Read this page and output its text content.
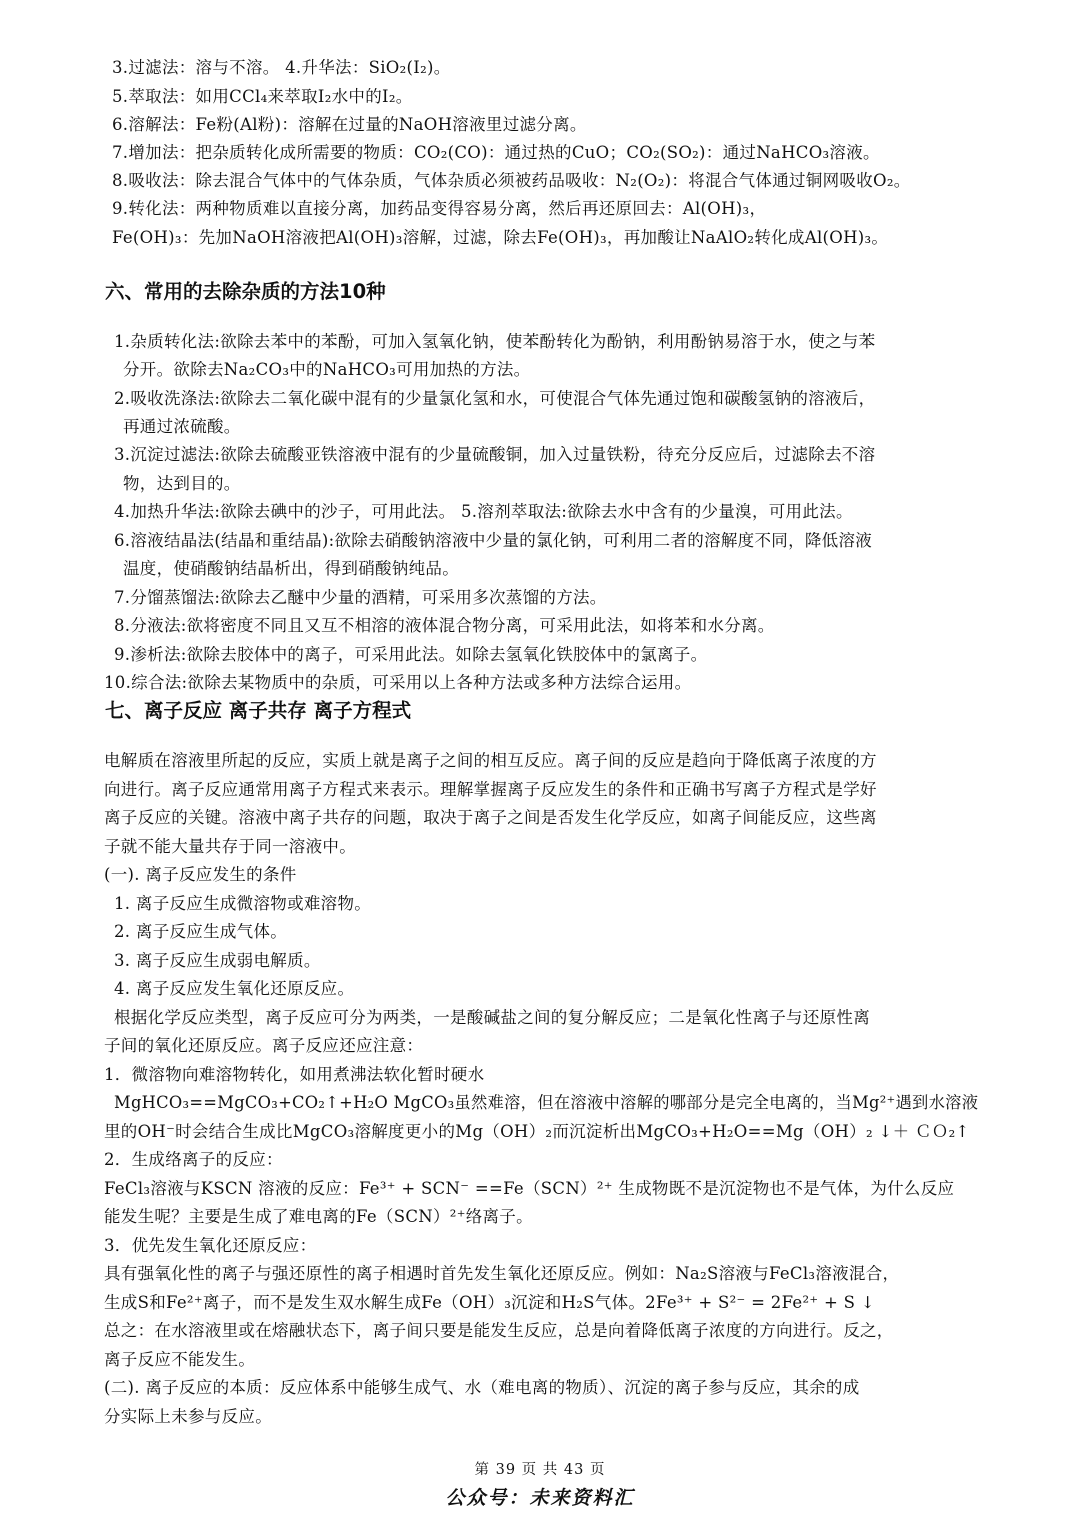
3.过滤法：溶与不溶。 4.升华法：SiO₂(I₂)。
5.萃取法：如用CCl₄来萃取I₂水中的I₂。
6.溶解法：Fe粉(Al粉)：溶解在过量的NaOH溶液里过滤分离。
7.增加法：把杂质转化成所需要的物质：CO₂(CO)：通过热的CuO；CO₂(SO₂)：通过NaHCO₃溶液。
8.吸收法：除去混合气体中的气体杂质，气体杂质必须被药品吸收：N₂(O₂)：将混合气体通过铜网吸收O₂。
9.转化法：两种物质难以直接分离，加药品变得容易分离，然后再还原回去：Al(OH)₃，
Fe(OH)₃：先加NaOH溶液把Al(OH)₃溶解，过滤，除去Fe(OH)₃，再加酸让NaAlO₂转化成Al(OH)₃。
六、常用的去除杂质的方法10种
1.杂质转化法:欲除去苯中的苯酚，可加入氢氧化钠，使苯酚转化为酚钠，利用酚钠易溶于水，使之与苯
分开。欲除去Na₂CO₃中的NaHCO₃可用加热的方法。
2.吸收洗涤法:欲除去二氧化碳中混有的少量氯化氢和水，可使混合气体先通过饱和碳酸氢钠的溶液后，
再通过浓硫酸。
3.沉淀过滤法:欲除去硫酸亚铁溶液中混有的少量硫酸铜，加入过量铁粉，待充分反应后，过滤除去不溶
物，达到目的。
4.加热升华法:欲除去碘中的沙子，可用此法。 5.溶剂萃取法:欲除去水中含有的少量溴，可用此法。
6.溶液结晶法(结晶和重结晶):欲除去硝酸钠溶液中少量的氯化钠，可利用二者的溶解度不同，降低溶液
温度，使硝酸钠结晶析出，得到硝酸钠纯品。
7.分馏蒸馏法:欲除去乙醚中少量的酒精，可采用多次蒸馏的方法。
8.分液法:欲将密度不同且又互不相溶的液体混合物分离，可采用此法，如将苯和水分离。
9.渗析法:欲除去胶体中的离子，可采用此法。如除去氢氧化铁胶体中的氯离子。
10.综合法:欲除去某物质中的杂质，可采用以上各种方法或多种方法综合运用。
七、离子反应 离子共存 离子方程式
电解质在溶液里所起的反应，实质上就是离子之间的相互反应。离子间的反应是趋向于降低离子浓度的方
向进行。离子反应通常用离子方程式来表示。理解掌握离子反应发生的条件和正确书写离子方程式是学好
离子反应的关键。溶液中离子共存的问题，取决于离子之间是否发生化学反应，如离子间能反应，这些离
子就不能大量共存于同一溶液中。
(一). 离子反应发生的条件
1. 离子反应生成微溶物或难溶物。
2. 离子反应生成气体。
3. 离子反应生成弱电解质。
4. 离子反应发生氧化还原反应。
根据化学反应类型，离子反应可分为两类，一是酸碱盐之间的复分解反应；二是氧化性离子与还原性离
子间的氧化还原反应。离子反应还应注意：
1．微溶物向难溶物转化，如用煮沸法软化暂时硬水
MgHCO₃==MgCO₃+CO₂↑+H₂O MgCO₃虽然难溶，但在溶液中溶解的哪部分是完全电离的，当Mg²⁺遇到水溶液
里的OH⁻时会结合生成比MgCO₃溶解度更小的Mg（OH）₂而沉淀析出MgCO₃+H₂O==Mg（OH）₂ ↓＋ ＣＯ₂↑
2．生成络离子的反应：
FeCl₃溶液与KSCN 溶液的反应：Fe³⁺ + SCN⁻ ==Fe（SCN）²⁺ 生成物既不是沉淀物也不是气体，为什么反应
能发生呢？主要是生成了难电离的Fe（SCN）²⁺络离子。
3．优先发生氧化还原反应：
具有强氧化性的离子与强还原性的离子相遇时首先发生氧化还原反应。例如：Na₂S溶液与FeCl₃溶液混合，
生成S和Fe²⁺离子，而不是发生双水解生成Fe（OH）₃沉淀和H₂S气体。2Fe³⁺ + S²⁻ = 2Fe²⁺ + S ↓
总之：在水溶液里或在熔融状态下，离子间只要是能发生反应，总是向着降低离子浓度的方向进行。反之，
离子反应不能发生。
(二). 离子反应的本质：反应体系中能够生成气、水（难电离的物质）、沉淀的离子参与反应，其余的成
分实际上未参与反应。
第 39 页 共 43 页
公众号：未来资料汇
